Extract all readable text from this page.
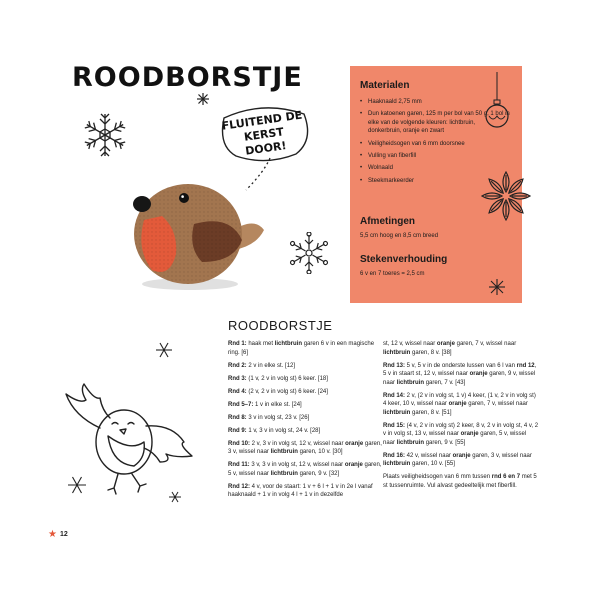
ROODBORSTJE
FLUITEND DE KERST DOOR!
Materialen
• Haaknaald 2,75 mm
• Dun katoenen garen, 125 m per bol van 50 g, 1 bol in elke van de volgende kleuren: lichtbruin, donkerbruin, oranje en zwart
• Veiligheidsogen van 6 mm doorsnee
• Vulling van fiberfill
• Wolnaald
• Steekmarkeerder
Afmetingen
5,5 cm hoog en 8,5 cm breed
Stekenverhouding
6 v en 7 toeres = 2,5 cm
ROODBORSTJE

Rnd 1: haak met lichtbruin garen 6 v in een magische ring. [6]

Rnd 2: 2 v in elke st. [12]

Rnd 3: (1 v, 2 v in volg st) 6 keer. [18]

Rnd 4: (2 v, 2 v in volg st) 6 keer. [24]

Rnd 5–7: 1 v in elke st. [24]

Rnd 8: 3 v in volg st, 23 v. [26]

Rnd 9: 1 v, 3 v in volg st, 24 v. [28]

Rnd 10: 2 v, 3 v in volg st, 12 v, wissel naar oranje garen, 3 v, wissel naar lichtbruin garen, 10 v. [30]

Rnd 11: 3 v, 3 v in volg st, 12 v, wissel naar oranje garen, 5 v, wissel naar lichtbruin garen, 9 v. [32]

Rnd 12: 4 v, voor de staart: 1 v + 6 l + 1 v in 2e l vanaf haaknaald + 1 v in volg 4 l + 1 v in dezelfde

st, 12 v, wissel naar oranje garen, 7 v, wissel naar lichtbruin garen, 8 v. [38]

Rnd 13: 5 v, 5 v in de onderste lussen van 6 l van rnd 12, 5 v in staart st, 12 v, wissel naar oranje garen, 9 v, wissel naar lichtbruin garen, 7 v. [43]

Rnd 14: 2 v, (2 v in volg st, 1 v) 4 keer, (1 v, 2 v in volg st) 4 keer, 10 v, wissel naar oranje garen, 7 v, wissel naar lichtbruin garen, 8 v. [51]

Rnd 15: (4 v, 2 v in volg st) 2 keer, 8 v, 2 v in volg st, 4 v, 2 v in volg st, 13 v, wissel naar oranje garen, 5 v, wissel naar lichtbruin garen, 9 v. [55]

Rnd 16: 42 v, wissel naar oranje garen, 3 v, wissel naar lichtbruin garen, 10 v. [55]

Plaats veiligheidsogen van 6 mm tussen rnd 6 en 7 met 5 st tussenruimte. Vul alvast gedeeltelijk met fiberfill.

★ 12
